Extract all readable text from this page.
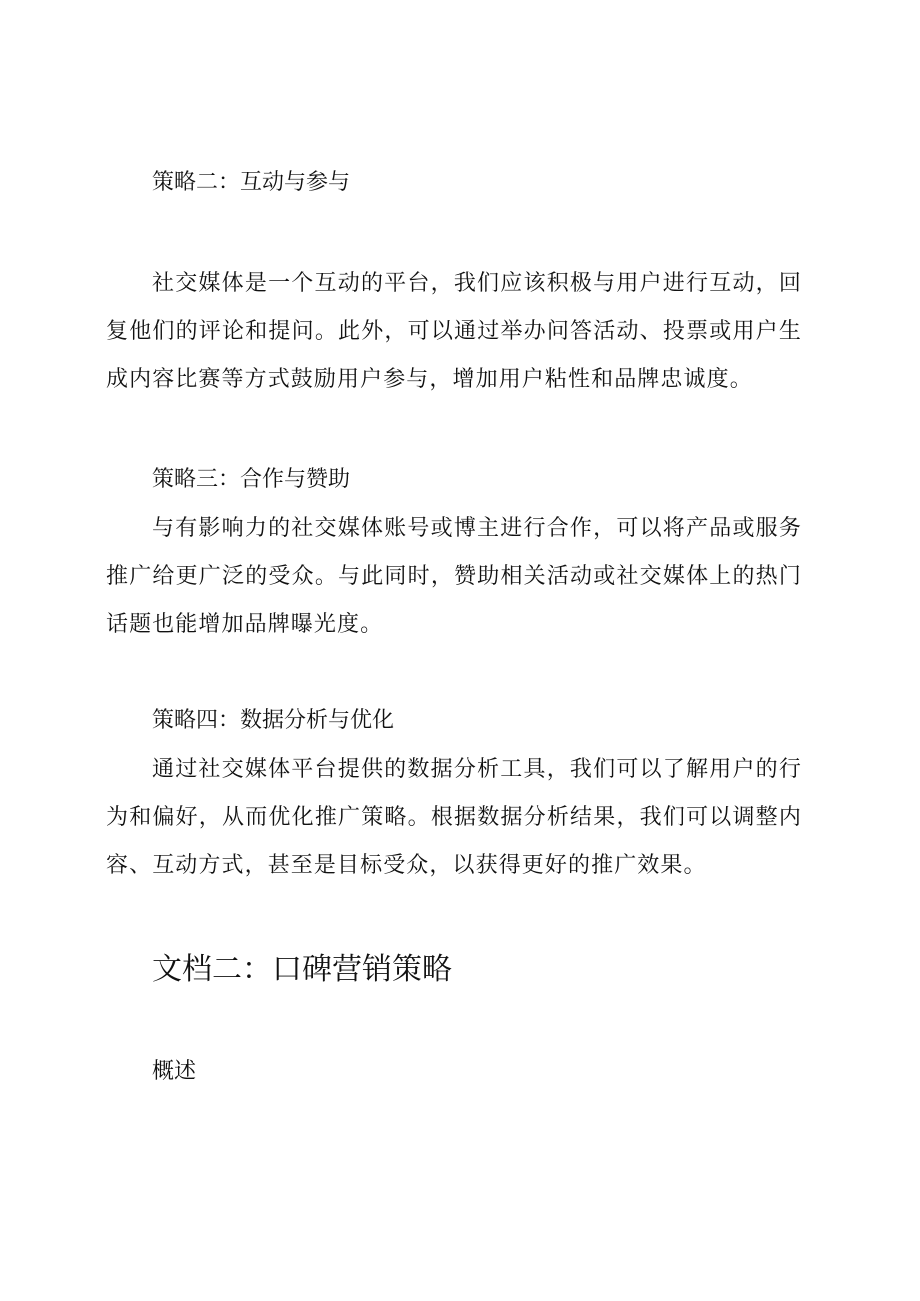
策略二：互动与参与

社交媒体是一个互动的平台，我们应该积极与用户进行互动，回复他们的评论和提问。此外，可以通过举办问答活动、投票或用户生成内容比赛等方式鼓励用户参与，增加用户粘性和品牌忠诚度。

策略三：合作与赞助

与有影响力的社交媒体账号或博主进行合作，可以将产品或服务推广给更广泛的受众。与此同时，赞助相关活动或社交媒体上的热门话题也能增加品牌曝光度。

策略四：数据分析与优化

通过社交媒体平台提供的数据分析工具，我们可以了解用户的行为和偏好，从而优化推广策略。根据数据分析结果，我们可以调整内容、互动方式，甚至是目标受众，以获得更好的推广效果。

文档二：口碑营销策略
概述
